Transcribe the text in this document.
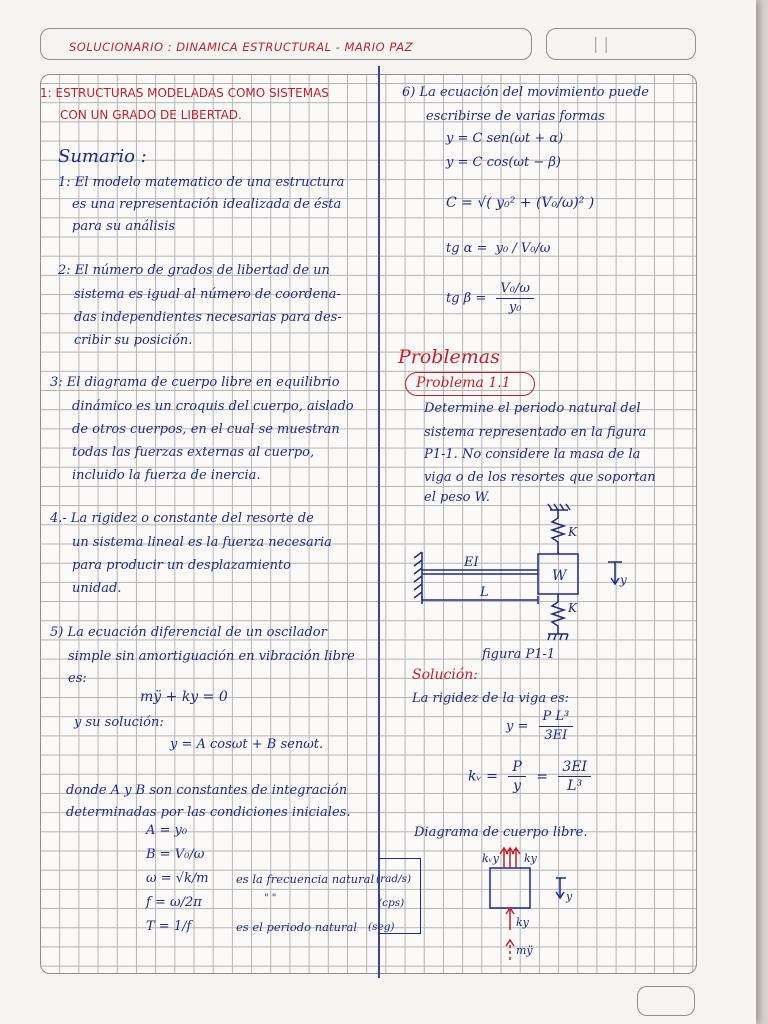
SOLUCIONARIO : DINAMICA ESTRUCTURAL - MARIO PAZ	| |
1: ESTRUCTURAS MODELADAS COMO SISTEMAS
CON UN GRADO DE LIBERTAD.
Sumario :
1: El modelo matematico de una estructura
es una representación idealizada de ésta
para su análisis
2: El número de grados de libertad de un
sistema es igual al número de coordena-
das independientes necesarias para des-
cribir su posición.
3: El diagrama de cuerpo libre en equilibrio
dinámico es un croquis del cuerpo, aislado
de otros cuerpos, en el cual se muestran
todas las fuerzas externas al cuerpo,
incluido la fuerza de inercia.
4.- La rigidez o constante del resorte de
un sistema lineal es la fuerza necesaria
para producir un desplazamiento
unidad.
5) La ecuación diferencial de un oscilador
simple sin amortiguación en vibración libre
es:
mÿ + ky = 0
y su solución:
y = A cosωt + B senωt.
donde A y B son constantes de integración
determinadas por las condiciones iniciales.
A = y₀
B = V₀/ω
ω = √k/m es la frecuencia natural (rad/s)
f = ω/2π	" "	(cps)
T = 1/f	es el periodo natural (seg)
6) La ecuación del movimiento puede
escribirse de varias formas
y = C sen(ωt + α)
y = C cos(ωt − β)
C = √( y₀² + (V₀/ω)² )
tg α = y₀ / V₀/ω
tg $\beta = \frac{\text{V₀/ω}}{\text{y₀}}$
Problemas
Problema 1.1
Determine el periodo natural del
sistema representado en la figura
P1-1. No considere la masa de la
viga o de los resortes que soportan
el peso W.
EI
W
K
K
L
y
figura P1-1
Solución:
La rigidez de la viga es:
$y = \frac{\text{P L³}}{3EI}$
kᵥ = $\frac{P}{y} = \frac{3EI}{\text{L³}}$
Diagrama de cuerpo libre.
kᵥy ky
ky
mÿ
y
